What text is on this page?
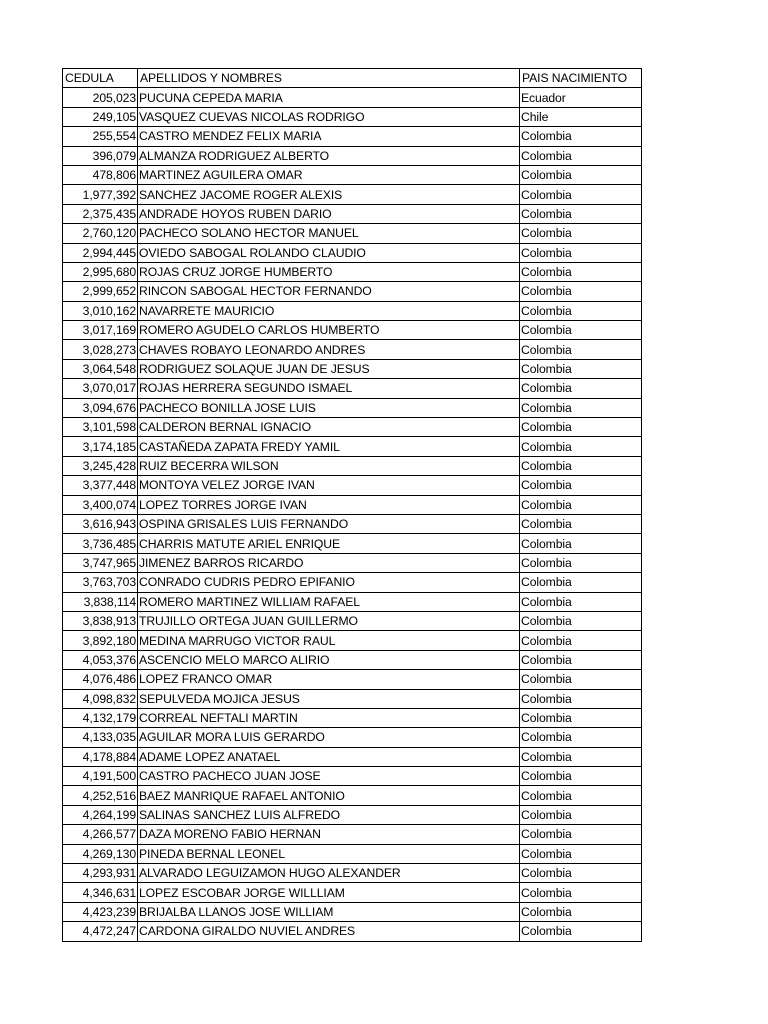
CEDULA	APELLIDOS Y NOMBRES	PAIS NACIMIENTO
205,023	PUCUNA CEPEDA MARIA	Ecuador
249,105	VASQUEZ CUEVAS NICOLAS RODRIGO	Chile
255,554	CASTRO MENDEZ FELIX MARIA	Colombia
396,079	ALMANZA RODRIGUEZ ALBERTO	Colombia
478,806	MARTINEZ AGUILERA OMAR	Colombia
1,977,392	SANCHEZ JACOME ROGER ALEXIS	Colombia
2,375,435	ANDRADE HOYOS RUBEN DARIO	Colombia
2,760,120	PACHECO SOLANO HECTOR MANUEL	Colombia
2,994,445	OVIEDO SABOGAL ROLANDO CLAUDIO	Colombia
2,995,680	ROJAS CRUZ JORGE HUMBERTO	Colombia
2,999,652	RINCON SABOGAL HECTOR FERNANDO	Colombia
3,010,162	NAVARRETE MAURICIO	Colombia
3,017,169	ROMERO AGUDELO CARLOS HUMBERTO	Colombia
3,028,273	CHAVES ROBAYO LEONARDO ANDRES	Colombia
3,064,548	RODRIGUEZ SOLAQUE JUAN DE JESUS	Colombia
3,070,017	ROJAS HERRERA SEGUNDO ISMAEL	Colombia
3,094,676	PACHECO BONILLA JOSE LUIS	Colombia
3,101,598	CALDERON BERNAL IGNACIO	Colombia
3,174,185	CASTAÑEDA ZAPATA FREDY YAMIL	Colombia
3,245,428	RUIZ BECERRA WILSON	Colombia
3,377,448	MONTOYA VELEZ JORGE IVAN	Colombia
3,400,074	LOPEZ TORRES JORGE IVAN	Colombia
3,616,943	OSPINA GRISALES LUIS FERNANDO	Colombia
3,736,485	CHARRIS MATUTE ARIEL ENRIQUE	Colombia
3,747,965	JIMENEZ BARROS RICARDO	Colombia
3,763,703	CONRADO CUDRIS PEDRO EPIFANIO	Colombia
3,838,114	ROMERO MARTINEZ WILLIAM RAFAEL	Colombia
3,838,913	TRUJILLO ORTEGA JUAN GUILLERMO	Colombia
3,892,180	MEDINA MARRUGO VICTOR RAUL	Colombia
4,053,376	ASCENCIO MELO MARCO ALIRIO	Colombia
4,076,486	LOPEZ FRANCO OMAR	Colombia
4,098,832	SEPULVEDA MOJICA JESUS	Colombia
4,132,179	CORREAL NEFTALI MARTIN	Colombia
4,133,035	AGUILAR MORA LUIS GERARDO	Colombia
4,178,884	ADAME LOPEZ ANATAEL	Colombia
4,191,500	CASTRO PACHECO JUAN JOSE	Colombia
4,252,516	BAEZ MANRIQUE RAFAEL ANTONIO	Colombia
4,264,199	SALINAS SANCHEZ LUIS ALFREDO	Colombia
4,266,577	DAZA MORENO FABIO HERNAN	Colombia
4,269,130	PINEDA BERNAL LEONEL	Colombia
4,293,931	ALVARADO LEGUIZAMON HUGO ALEXANDER	Colombia
4,346,631	LOPEZ ESCOBAR JORGE WILLLIAM	Colombia
4,423,239	BRIJALBA LLANOS JOSE WILLIAM	Colombia
4,472,247	CARDONA GIRALDO NUVIEL ANDRES	Colombia
